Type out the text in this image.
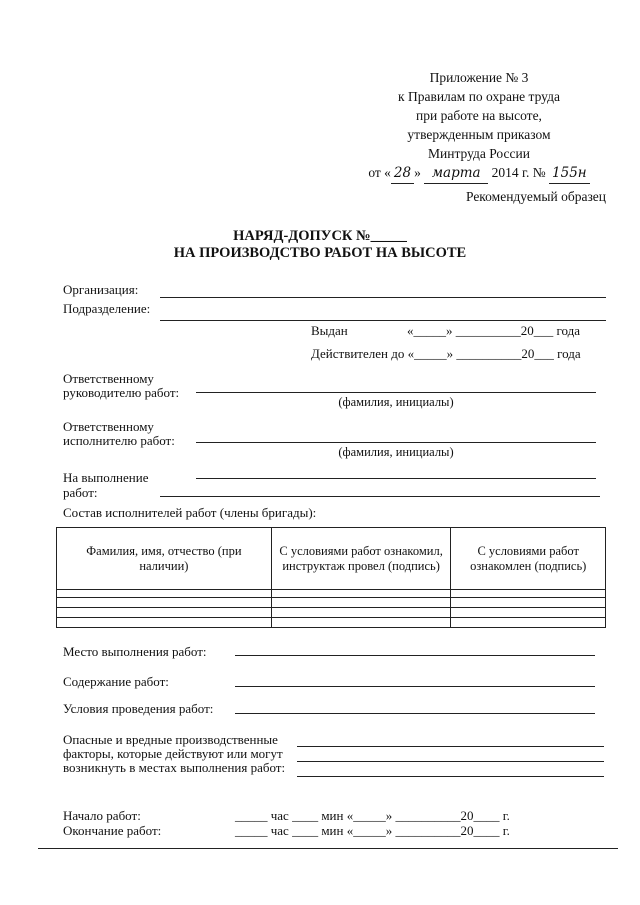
Приложение № 3
к Правилам по охране труда
при работе на высоте,
утвержденным приказом
Минтруда России
от « 28 » марта 2014 г. № 155н
Рекомендуемый образец
НАРЯД-ДОПУСК №_____
НА ПРОИЗВОДСТВО РАБОТ НА ВЫСОТЕ
Организация:
Подразделение:
Выдан	«_____» __________20___ года
Действителен до «_____» __________20___ года
Ответственному
руководителю работ:
(фамилия, инициалы)
Ответственному
исполнителю работ:
(фамилия, инициалы)
На выполнение
работ:
Состав исполнителей работ (члены бригады):
Фамилия, имя, отчество (при наличии)	С условиями работ ознакомил, инструктаж провел (подпись)	С условиями работ ознакомлен (подпись)

Место выполнения работ:
Содержание работ:
Условия проведения работ:
Опасные и вредные производственные
факторы, которые действуют или могут
возникнуть в местах выполнения работ:
Начало работ:	_____ час ____ мин «_____» __________20____ г.
Окончание работ:	_____ час ____ мин «_____» __________20____ г.
